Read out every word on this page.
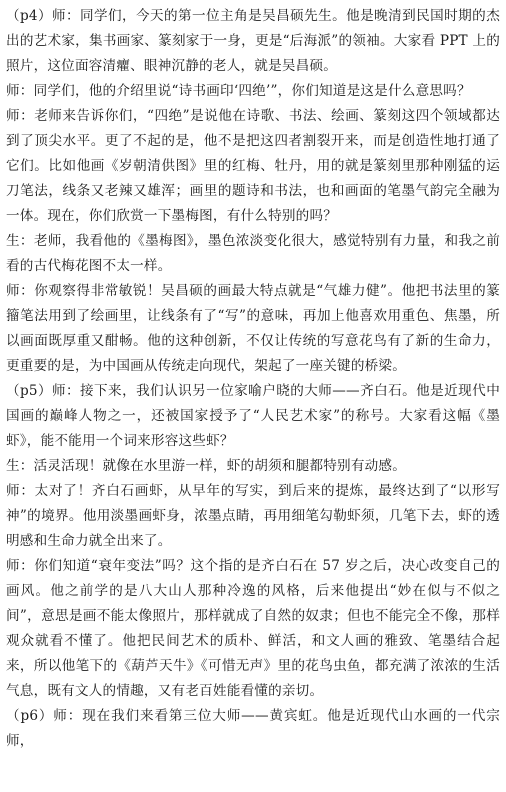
（p4）师：同学们，今天的第一位主角是吴昌硕先生。他是晚清到民国时期的杰出的艺术家，集书画家、篆刻家于一身，更是“后海派”的领袖。大家看 PPT 上的照片，这位面容清癯、眼神沉静的老人，就是吴昌硕。

师：同学们，他的介绍里说“诗书画印‘四绝’”，你们知道是这是什么意思吗？

师：老师来告诉你们，“四绝”是说他在诗歌、书法、绘画、篆刻这四个领域都达到了顶尖水平。更了不起的是，他不是把这四者割裂开来，而是创造性地打通了它们。比如他画《岁朝清供图》里的红梅、牡丹，用的就是篆刻里那种刚猛的运刀笔法，线条又老辣又雄浑；画里的题诗和书法，也和画面的笔墨气韵完全融为一体。现在，你们欣赏一下墨梅图，有什么特别的吗？

生：老师，我看他的《墨梅图》，墨色浓淡变化很大，感觉特别有力量，和我之前看的古代梅花图不太一样。

师：你观察得非常敏锐！吴昌硕的画最大特点就是“气雄力健”。他把书法里的篆籀笔法用到了绘画里，让线条有了“写”的意味，再加上他喜欢用重色、焦墨，所以画面既厚重又酣畅。他的这种创新，不仅让传统的写意花鸟有了新的生命力，更重要的是，为中国画从传统走向现代，架起了一座关键的桥梁。

（p5）师：接下来，我们认识另一位家喻户晓的大师——齐白石。他是近现代中国画的巅峰人物之一，还被国家授予了“人民艺术家”的称号。大家看这幅《墨虾》，能不能用一个词来形容这些虾？

生：活灵活现！就像在水里游一样，虾的胡须和腿都特别有动感。

师：太对了！齐白石画虾，从早年的写实，到后来的提炼，最终达到了“以形写神”的境界。他用淡墨画虾身，浓墨点睛，再用细笔勾勒虾须，几笔下去，虾的透明感和生命力就全出来了。

师：你们知道“衰年变法”吗？这个指的是齐白石在 57 岁之后，决心改变自己的画风。他之前学的是八大山人那种冷逸的风格，后来他提出“妙在似与不似之间”，意思是画不能太像照片，那样就成了自然的奴隶；但也不能完全不像，那样观众就看不懂了。他把民间艺术的质朴、鲜活，和文人画的雅致、笔墨结合起来，所以他笔下的《葫芦天牛》《可惜无声》里的花鸟虫鱼，都充满了浓浓的生活气息，既有文人的情趣，又有老百姓能看懂的亲切。

（p6）师：现在我们来看第三位大师——黄宾虹。他是近现代山水画的一代宗师，
